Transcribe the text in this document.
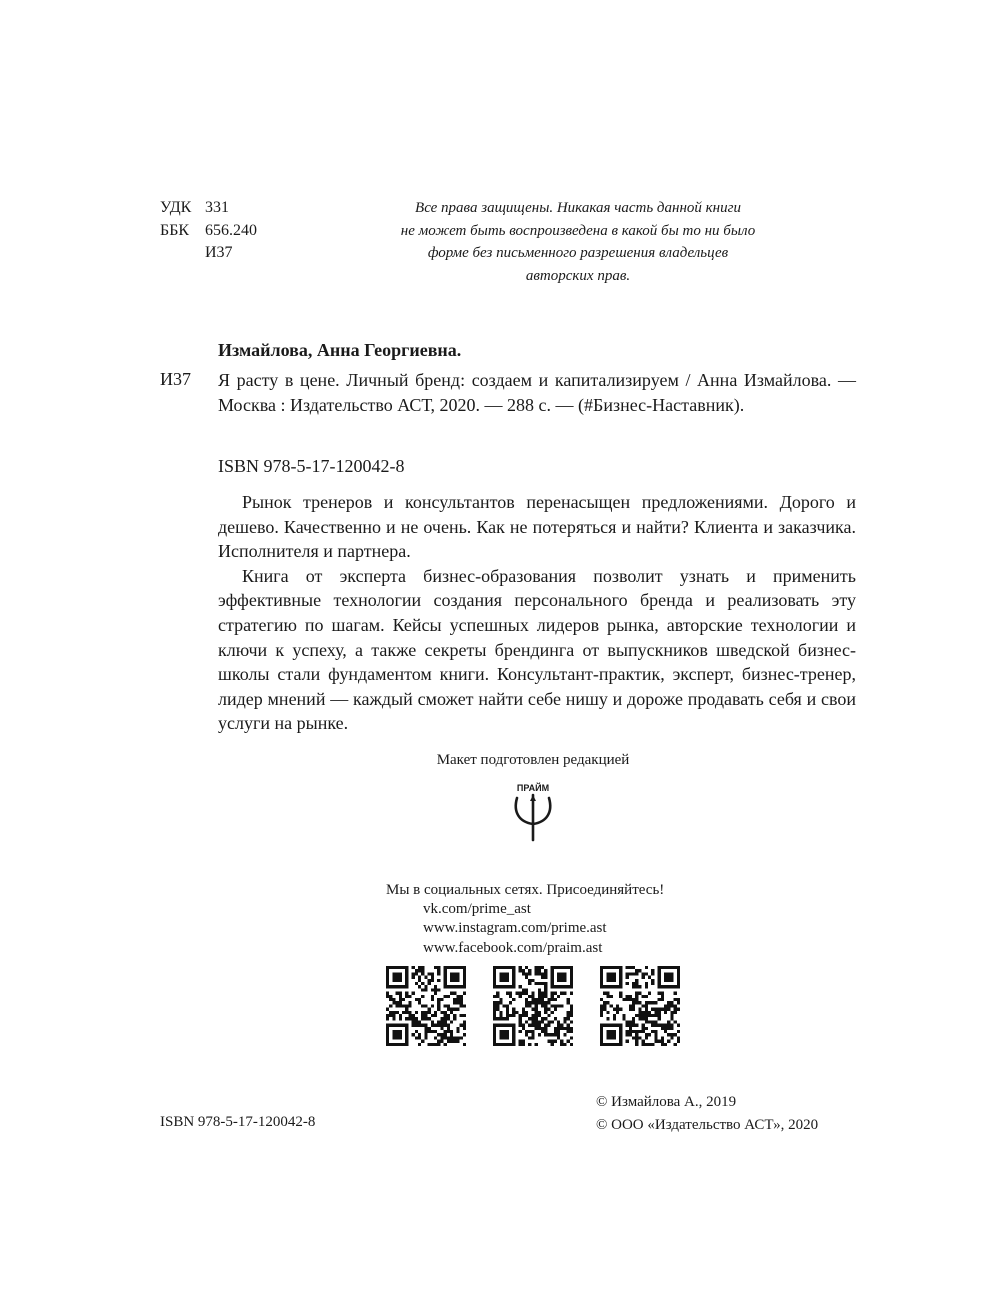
УДК 331
ББК 656.240
И37
Все права защищены. Никакая часть данной книги
не может быть воспроизведена в какой бы то ни было
форме без письменного разрешения владельцев
авторских прав.
Измайлова, Анна Георгиевна.
И37 Я расту в цене. Личный бренд: создаем и капитализируем / Анна Измайлова. — Москва : Издательство АСТ, 2020. — 288 с. — (#Бизнес-Наставник).
ISBN 978-5-17-120042-8

Рынок тренеров и консультантов перенасыщен предложениями. Дорого и дешево. Качественно и не очень. Как не потеряться и найти? Клиента и заказчика. Исполнителя и партнера.

Книга от эксперта бизнес-образования позволит узнать и применить эффективные технологии создания персонального бренда и реализовать эту стратегию по шагам. Кейсы успешных лидеров рынка, авторские технологии и ключи к успеху, а также секреты брендинга от выпускников шведской бизнес-школы стали фундаментом книги. Консультант-практик, эксперт, бизнес-тренер, лидер мнений — каждый сможет найти себе нишу и дороже продавать себя и свои услуги на рынке.

Макет подготовлен редакцией
ПРАЙМ
Мы в социальных сетях. Присоединяйтесь!
vk.com/prime_ast
www.instagram.com/prime.ast
www.facebook.com/praim.ast
© Измайлова А., 2019
© ООО «Издательство АСТ», 2020
ISBN 978-5-17-120042-8
